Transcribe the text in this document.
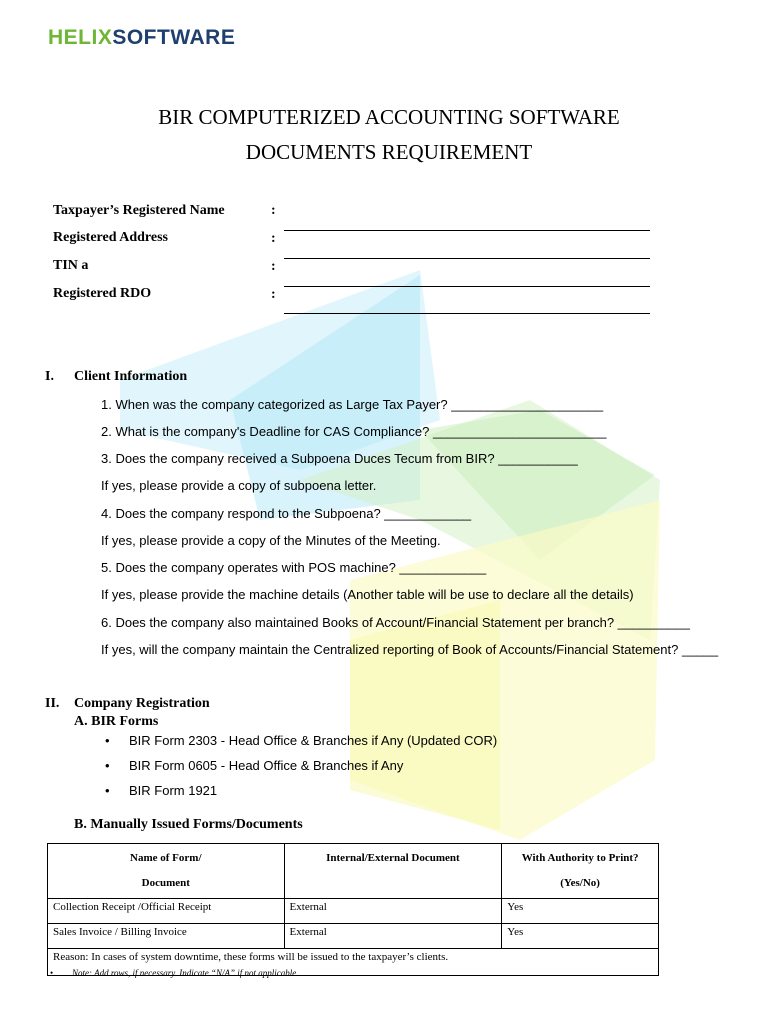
HELIXSOFTWARE
BIR COMPUTERIZED ACCOUNTING SOFTWARE
DOCUMENTS REQUIREMENT
Taxpayer’s Registered Name	:
Registered Address	:
TIN a	:
Registered RDO	:
I. Client Information
1. When was the company categorized as Large Tax Payer? _____________________
2. What is the company's Deadline for CAS Compliance? ________________________
3. Does the company received a Subpoena Duces Tecum from BIR? ___________
If yes, please provide a copy of subpoena letter.
4. Does the company respond to the Subpoena? ____________
If yes, please provide a copy of the Minutes of the Meeting.
5. Does the company operates with POS machine? ____________
If yes, please provide the machine details (Another table will be use to declare all the details)
6. Does the company also maintained Books of Account/Financial Statement per branch? __________
If yes, will the company maintain the Centralized reporting of Book of Accounts/Financial Statement? _____
II. Company Registration
A. BIR Forms
• BIR Form 2303 - Head Office & Branches if Any (Updated COR)
• BIR Form 0605 - Head Office & Branches if Any
• BIR Form 1921
B. Manually Issued Forms/Documents
Name of Form/
Document	Internal/External Document	With Authority to Print?
(Yes/No)
Collection Receipt /Official Receipt	External	Yes
Sales Invoice / Billing Invoice	External	Yes
Reason: In cases of system downtime, these forms will be issued to the taxpayer’s clients.		
• Note: Add rows, if necessary. Indicate “N/A” if not applicable.
